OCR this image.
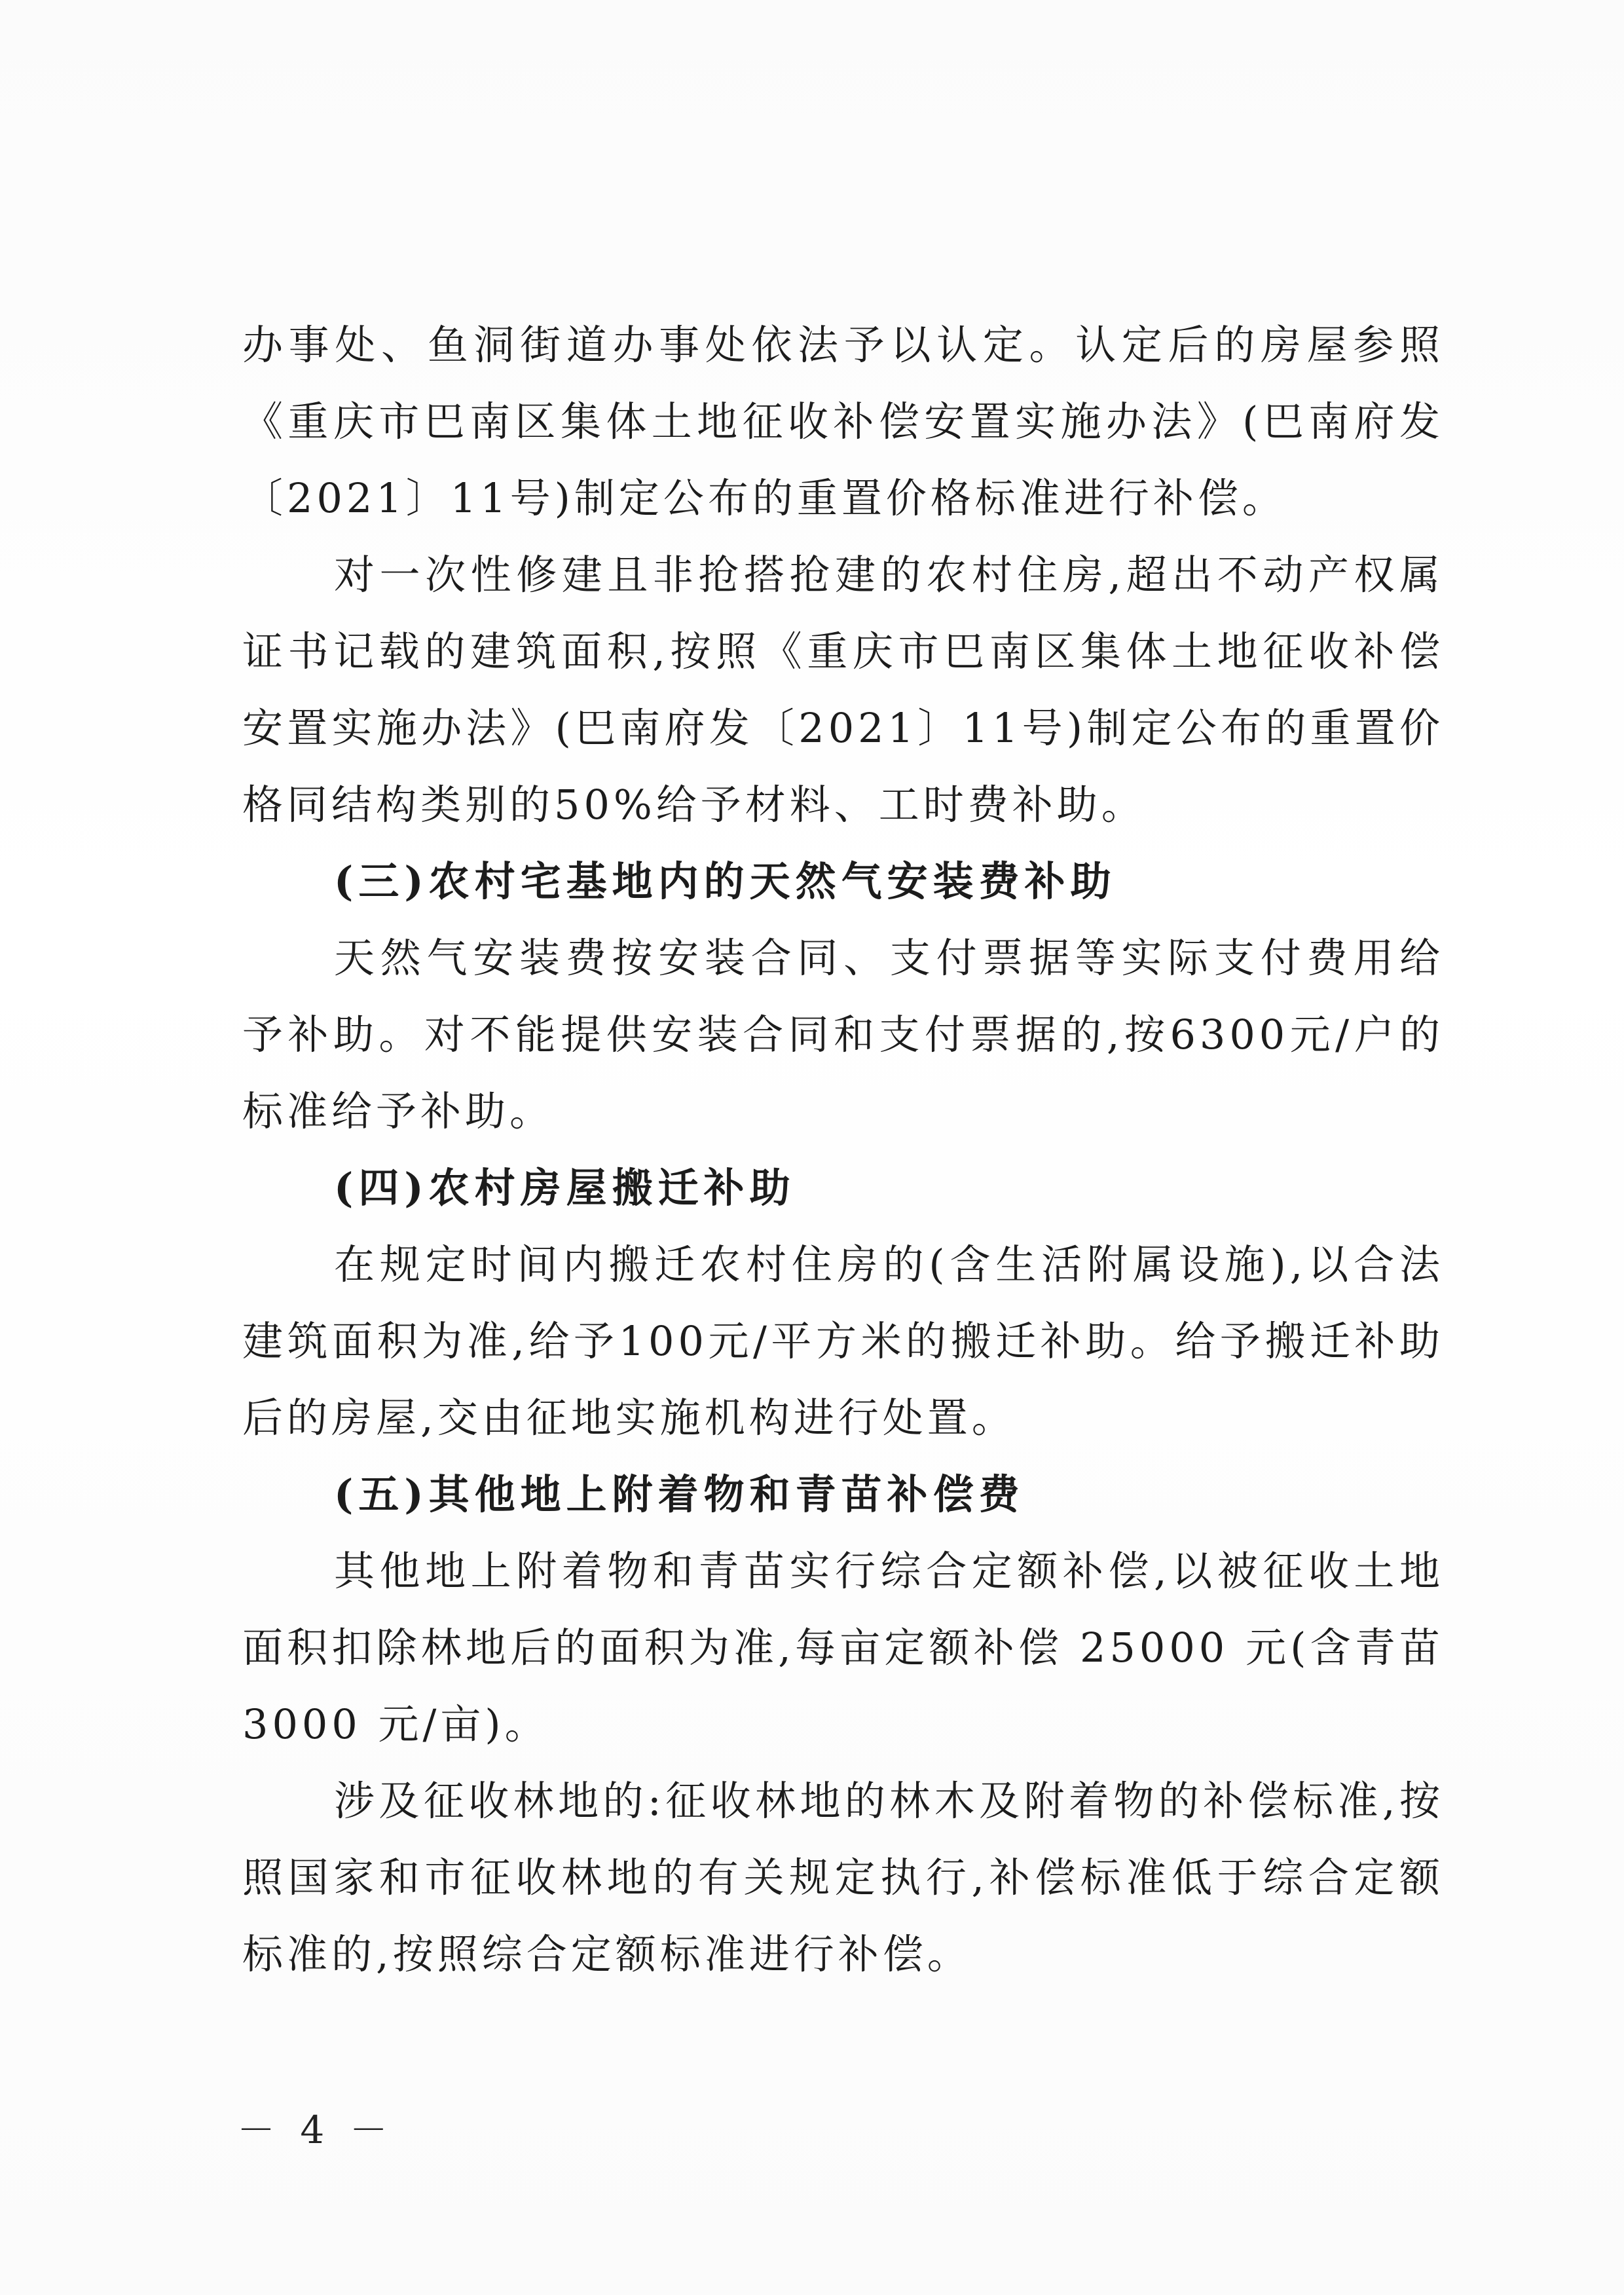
办事处、鱼洞街道办事处依法予以认定。认定后的房屋参照《重庆市巴南区集体土地征收补偿安置实施办法》(巴南府发〔2021〕11号)制定公布的重置价格标准进行补偿。

对一次性修建且非抢搭抢建的农村住房,超出不动产权属证书记载的建筑面积,按照《重庆市巴南区集体土地征收补偿安置实施办法》(巴南府发〔2021〕11号)制定公布的重置价格同结构类别的50%给予材料、工时费补助。

(三)农村宅基地内的天然气安装费补助

天然气安装费按安装合同、支付票据等实际支付费用给予补助。对不能提供安装合同和支付票据的,按6300元/户的标准给予补助。

(四)农村房屋搬迁补助

在规定时间内搬迁农村住房的(含生活附属设施),以合法建筑面积为准,给予100元/平方米的搬迁补助。给予搬迁补助后的房屋,交由征地实施机构进行处置。

(五)其他地上附着物和青苗补偿费

其他地上附着物和青苗实行综合定额补偿,以被征收土地面积扣除林地后的面积为准,每亩定额补偿 25000 元(含青苗3000 元/亩)。

涉及征收林地的:征收林地的林木及附着物的补偿标准,按照国家和市征收林地的有关规定执行,补偿标准低于综合定额标准的,按照综合定额标准进行补偿。

－ 4 －
